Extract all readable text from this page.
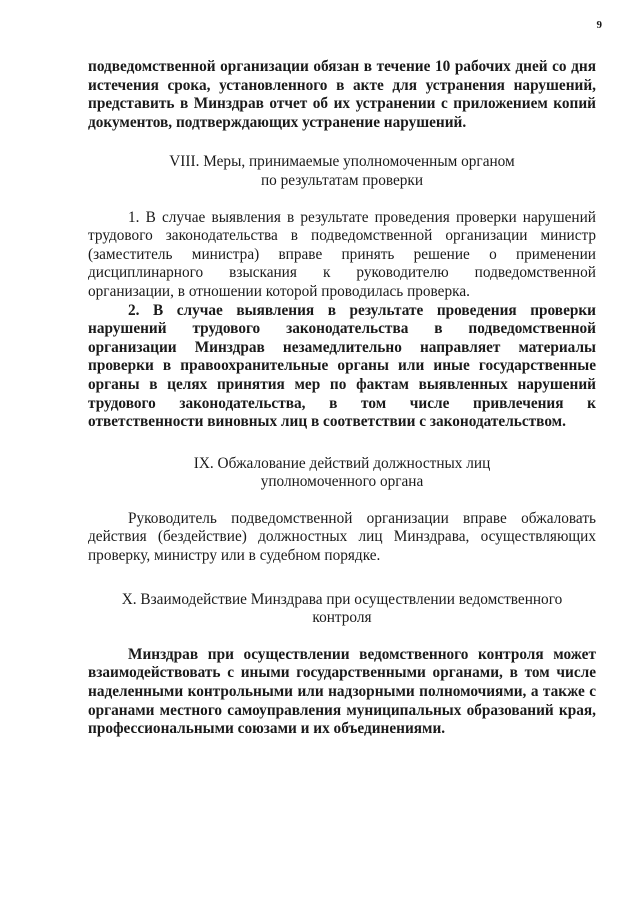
9

подведомственной организации обязан в течение 10 рабочих дней со дня истечения срока, установленного в акте для устранения нарушений, представить в Минздрав отчет об их устранении с приложением копий документов, подтверждающих устранение нарушений.

VIII. Меры, принимаемые уполномоченным органом
по результатам проверки

1. В случае выявления в результате проведения проверки нарушений трудового законодательства в подведомственной организации министр (заместитель министра) вправе принять решение о применении дисциплинарного взыскания к руководителю подведомственной организации, в отношении которой проводилась проверка.

2. В случае выявления в результате проведения проверки нарушений трудового законодательства в подведомственной организации Минздрав незамедлительно направляет материалы проверки в правоохранительные органы или иные государственные органы в целях принятия мер по фактам выявленных нарушений трудового законодательства, в том числе привлечения к ответственности виновных лиц в соответствии с законодательством.

IX. Обжалование действий должностных лиц
уполномоченного органа

Руководитель подведомственной организации вправе обжаловать действия (бездействие) должностных лиц Минздрава, осуществляющих проверку, министру или в судебном порядке.

X. Взаимодействие Минздрава при осуществлении ведомственного
контроля

Минздрав при осуществлении ведомственного контроля может взаимодействовать с иными государственными органами, в том числе наделенными контрольными или надзорными полномочиями, а также с органами местного самоуправления муниципальных образований края, профессиональными союзами и их объединениями.
